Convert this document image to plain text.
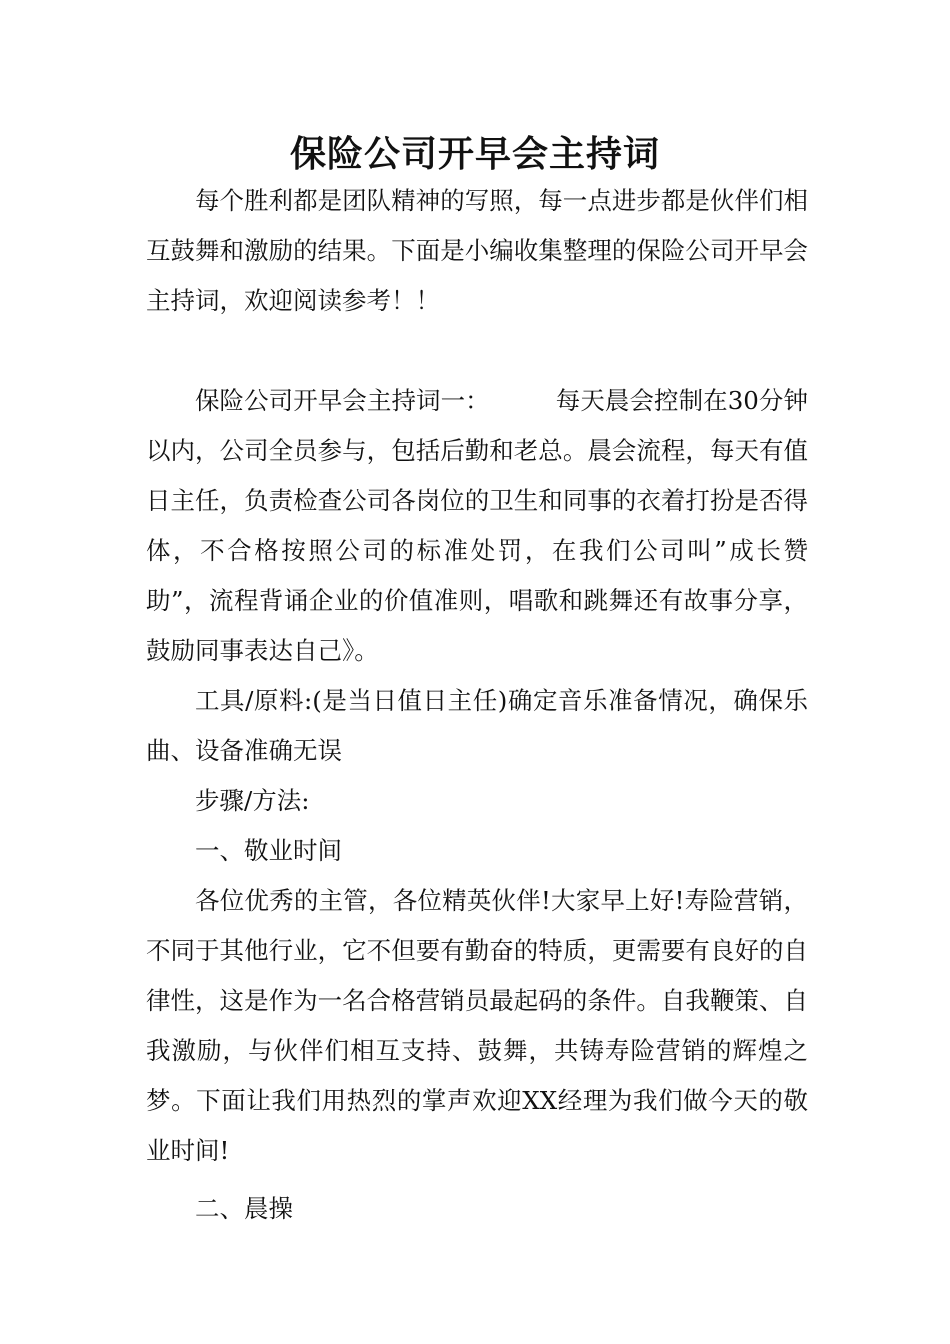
保险公司开早会主持词

每个胜利都是团队精神的写照，每一点进步都是伙伴们相互鼓舞和激励的结果。下面是小编收集整理的保险公司开早会主持词，欢迎阅读参考！！

保险公司开早会主持词一：	每天晨会控制在30分钟以内，公司全员参与，包括后勤和老总。晨会流程，每天有值日主任，负责检查公司各岗位的卫生和同事的衣着打扮是否得体，不合格按照公司的标准处罚，在我们公司叫”成长赞助”，流程背诵企业的价值准则，唱歌和跳舞还有故事分享，鼓励同事表达自己》。

工具/原料:(是当日值日主任)确定音乐准备情况，确保乐曲、设备准确无误

步骤/方法:

一、敬业时间

各位优秀的主管，各位精英伙伴!大家早上好!寿险营销，不同于其他行业，它不但要有勤奋的特质，更需要有良好的自律性，这是作为一名合格营销员最起码的条件。自我鞭策、自我激励，与伙伴们相互支持、鼓舞，共铸寿险营销的辉煌之梦。下面让我们用热烈的掌声欢迎XX经理为我们做今天的敬业时间!

二、晨操
